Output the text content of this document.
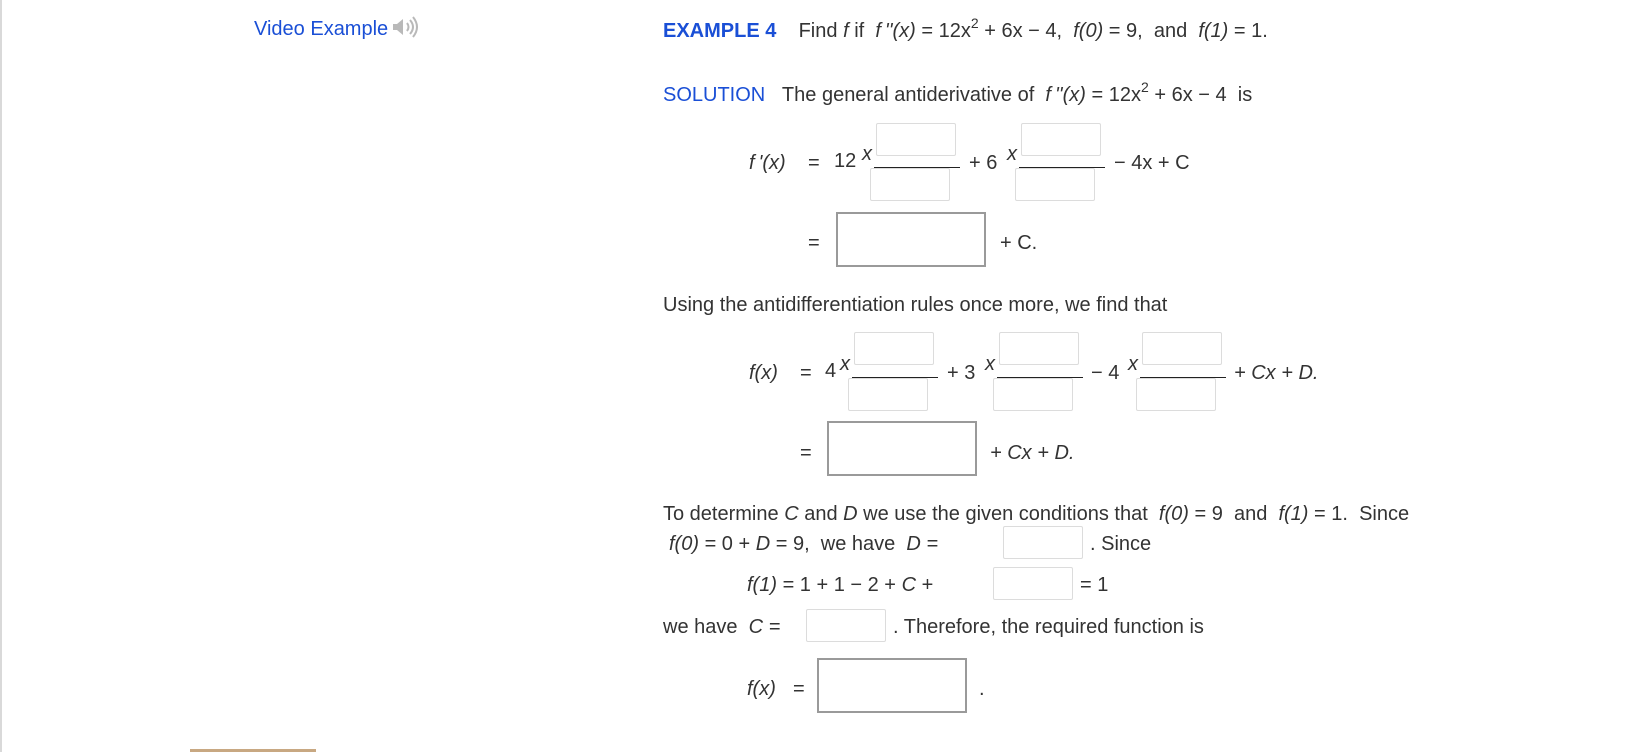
Video Example	EXAMPLE 4 Find f if f ''$(x) = 12x^2 + 6x - 4$, f(0) = 9, and f(1) = 1.
SOLUTION The general antiderivative of f ''$(x) = 12x^2 + 6x - 4$ is
f '(x) = 12 x	+ 6 x	− 4x + C
=	+ C.
Using the antidifferentiation rules once more, we find that
f(x) = 4 x	+ 3 x	− 4 x	+ Cx + D.
=	+ Cx + D.
To determine C and D we use the given conditions that f(0) = 9 and f(1) = 1. Since
f(0) = 0 + D = 9, we have D =	. Since
f(1) = 1 + 1 − 2 + C +	= 1
we have C =	. Therefore, the required function is
f(x) =	.
